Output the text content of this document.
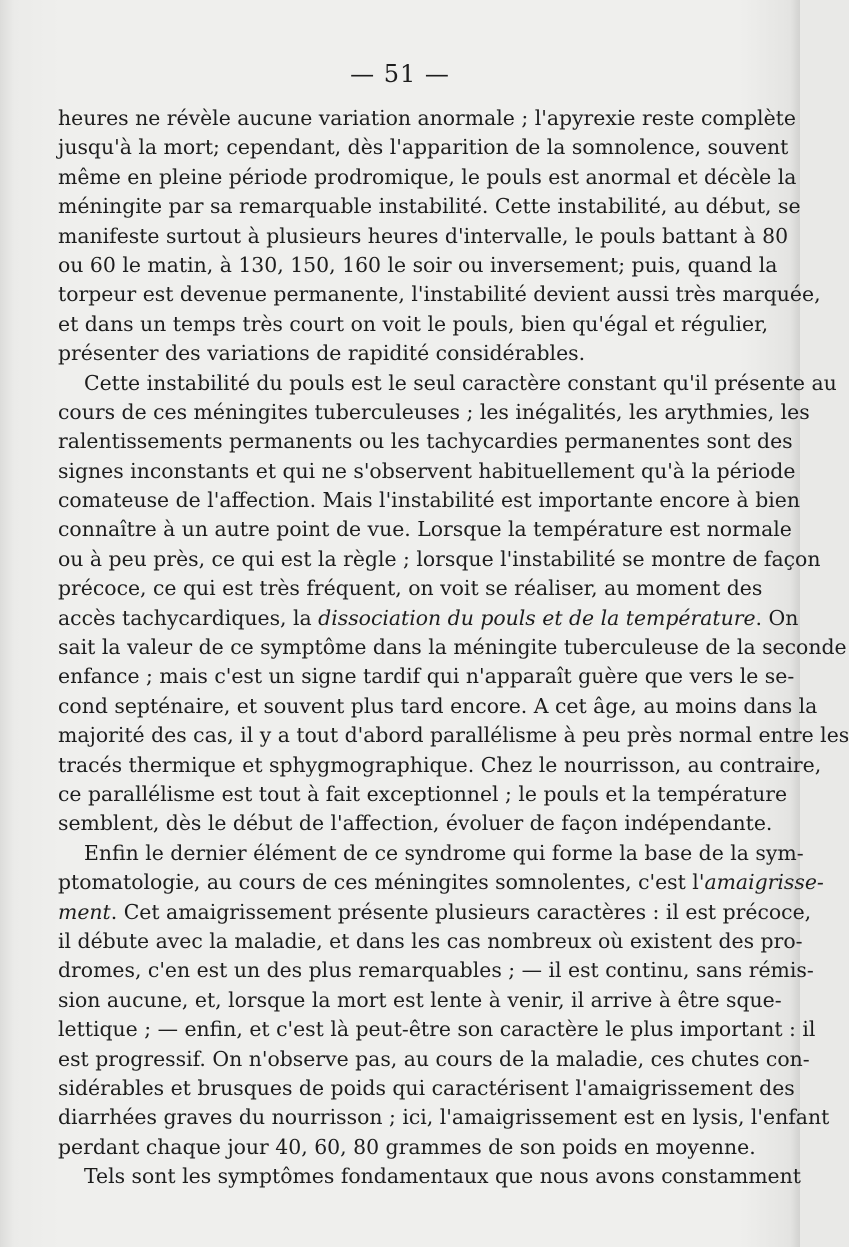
— 51 —
heures ne révèle aucune variation anormale ; l'apyrexie reste complète
jusqu'à la mort; cependant, dès l'apparition de la somnolence, souvent
même en pleine période prodromique, le pouls est anormal et décèle la
méningite par sa remarquable instabilité. Cette instabilité, au début, se
manifeste surtout à plusieurs heures d'intervalle, le pouls battant à 80
ou 60 le matin, à 130, 150, 160 le soir ou inversement; puis, quand la
torpeur est devenue permanente, l'instabilité devient aussi très marquée,
et dans un temps très court on voit le pouls, bien qu'égal et régulier,
présenter des variations de rapidité considérables.
Cette instabilité du pouls est le seul caractère constant qu'il présente au
cours de ces méningites tuberculeuses ; les inégalités, les arythmies, les
ralentissements permanents ou les tachycardies permanentes sont des
signes inconstants et qui ne s'observent habituellement qu'à la période
comateuse de l'affection. Mais l'instabilité est importante encore à bien
connaître à un autre point de vue. Lorsque la température est normale
ou à peu près, ce qui est la règle ; lorsque l'instabilité se montre de façon
précoce, ce qui est très fréquent, on voit se réaliser, au moment des
accès tachycardiques, la dissociation du pouls et de la température. On
sait la valeur de ce symptôme dans la méningite tuberculeuse de la seconde
enfance ; mais c'est un signe tardif qui n'apparaît guère que vers le se-
cond septénaire, et souvent plus tard encore. A cet âge, au moins dans la
majorité des cas, il y a tout d'abord parallélisme à peu près normal entre les
tracés thermique et sphygmographique. Chez le nourrisson, au contraire,
ce parallélisme est tout à fait exceptionnel ; le pouls et la température
semblent, dès le début de l'affection, évoluer de façon indépendante.
Enfin le dernier élément de ce syndrome qui forme la base de la sym-
ptomatologie, au cours de ces méningites somnolentes, c'est l'amaigrisse-
ment. Cet amaigrissement présente plusieurs caractères : il est précoce,
il débute avec la maladie, et dans les cas nombreux où existent des pro-
dromes, c'en est un des plus remarquables ; — il est continu, sans rémis-
sion aucune, et, lorsque la mort est lente à venir, il arrive à être sque-
lettique ; — enfin, et c'est là peut-être son caractère le plus important : il
est progressif. On n'observe pas, au cours de la maladie, ces chutes con-
sidérables et brusques de poids qui caractérisent l'amaigrissement des
diarrhées graves du nourrisson ; ici, l'amaigrissement est en lysis, l'enfant
perdant chaque jour 40, 60, 80 grammes de son poids en moyenne.
Tels sont les symptômes fondamentaux que nous avons constamment
